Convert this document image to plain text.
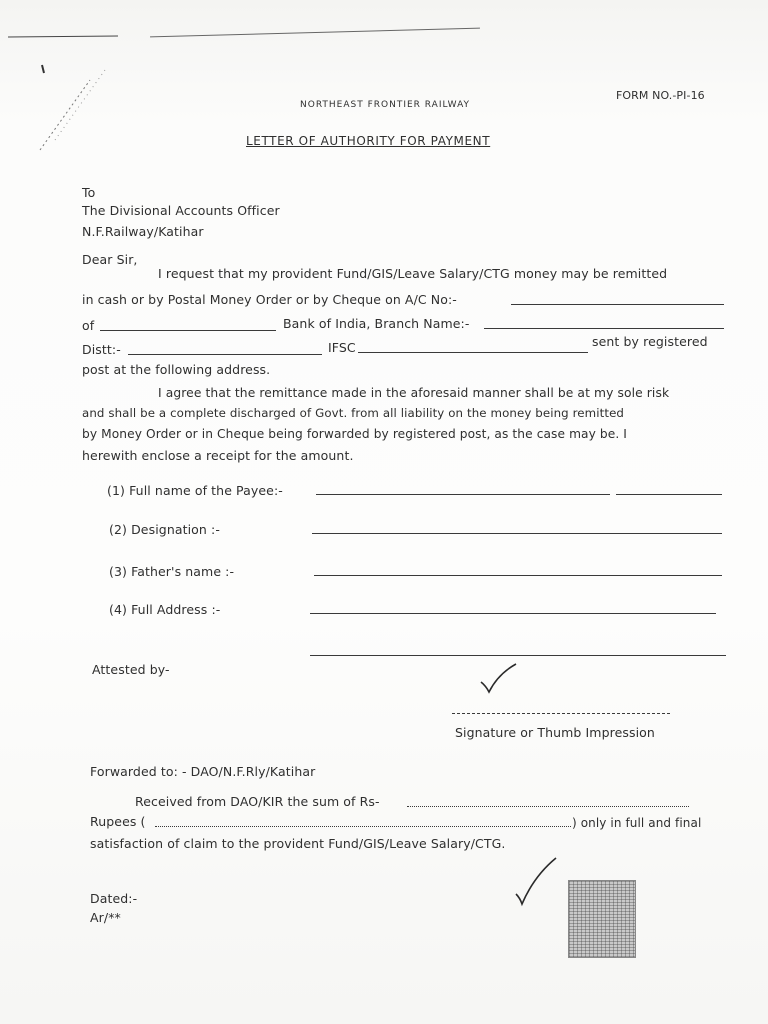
NORTHEAST FRONTIER RAILWAY
FORM NO.-PI-16
LETTER OF AUTHORITY FOR PAYMENT
To
The Divisional Accounts Officer
N.F.Railway/Katihar
Dear Sir,
I request that my provident Fund/GIS/Leave Salary/CTG money may be remitted
in cash or by Postal Money Order or by Cheque on A/C No:-
of	Bank of India, Branch Name:-
Distt:-	IFSC	sent by registered
post at the following address.
I agree that the remittance made in the aforesaid manner shall be at my sole risk
and shall be a complete discharged of Govt. from all liability on the money being remitted
by Money Order or in Cheque being forwarded by registered post, as the case may be. I
herewith enclose a receipt for the amount.
(1) Full name of the Payee:-
(2) Designation :-
(3) Father's name :-
(4) Full Address :-
Attested by-
Signature or Thumb Impression
Forwarded to: - DAO/N.F.Rly/Katihar
Received from DAO/KIR the sum of Rs-
Rupees (	) only in full and final
satisfaction of claim to the provident Fund/GIS/Leave Salary/CTG.
Dated:-
Ar/**
